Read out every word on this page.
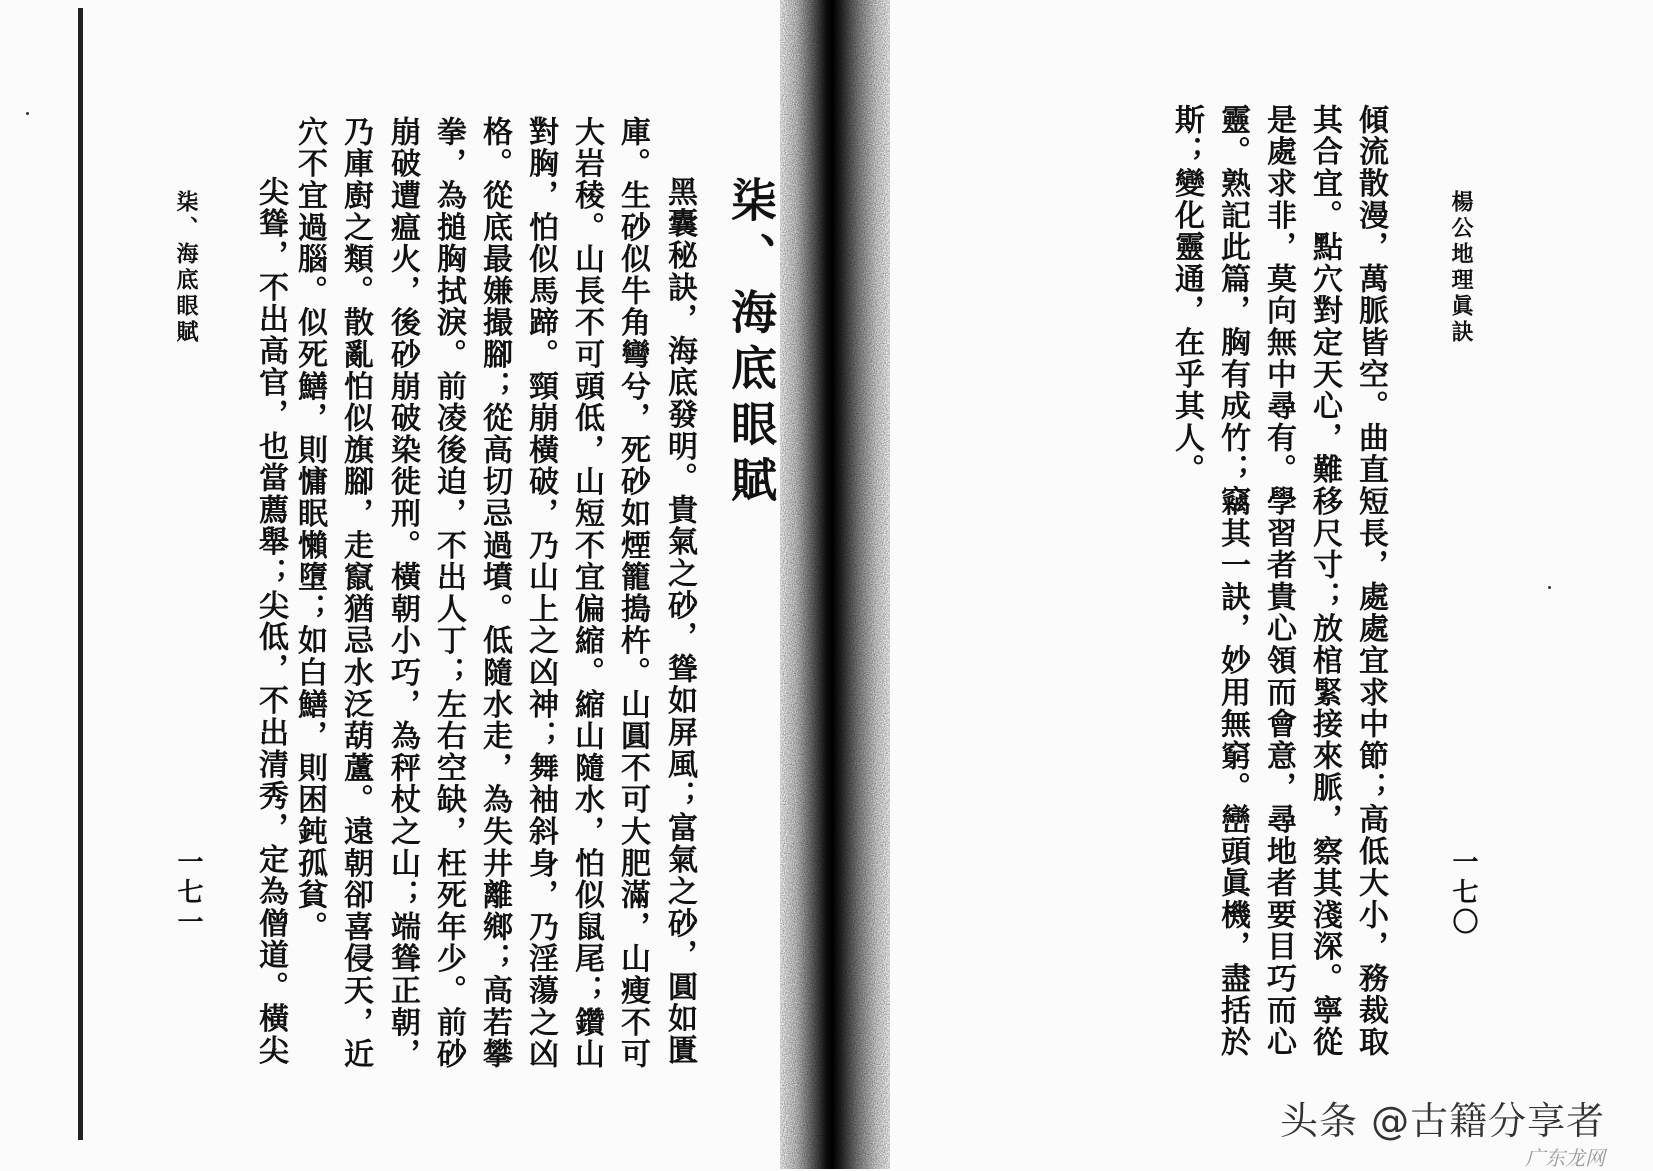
柒、海底眼賦
一七一
柒、海底眼賦
黑囊秘訣，海底發明。貴氣之砂，聳如屏風；富氣之砂，圓如匱
庫。生砂似牛角彎兮，死砂如煙籠搗杵。山圓不可大肥滿，山瘦不可
大岩稜。山長不可頭低，山短不宜偏縮。縮山隨水，怕似鼠尾；鑽山
對胸，怕似馬蹄。頸崩橫破，乃山上之凶神；舞袖斜身，乃淫蕩之凶
格。從底最嫌撮腳；從高切忌過墳。低隨水走，為失井離鄉；高若攀
拳，為搥胸拭淚。前凌後迫，不出人丁；左右空缺，枉死年少。前砂
崩破遭瘟火，後砂崩破染徙刑。橫朝小巧，為秤杖之山；端聳正朝，
乃庫廚之類。散亂怕似旗腳，走竄猶忌水泛葫蘆。遠朝卻喜侵天，近
穴不宜過腦。似死鱔，則慵眠懶墮；如白鱔，則困鈍孤貧。
尖聳，不出高官，也當薦舉；尖低，不出清秀，定為僧道。橫尖	楊公地理眞訣
一七〇
傾流散漫，萬脈皆空。曲直短長，處處宜求中節；高低大小，務裁取
其合宜。點穴對定天心，難移尺寸；放棺緊接來脈，察其淺深。寧從
是處求非，莫向無中尋有。學習者貴心領而會意，尋地者要目巧而心
靈。熟記此篇，胸有成竹；竊其一訣，妙用無窮。巒頭眞機，盡括於
斯；變化靈通，在乎其人。
头条 @古籍分享者
广东龙网
